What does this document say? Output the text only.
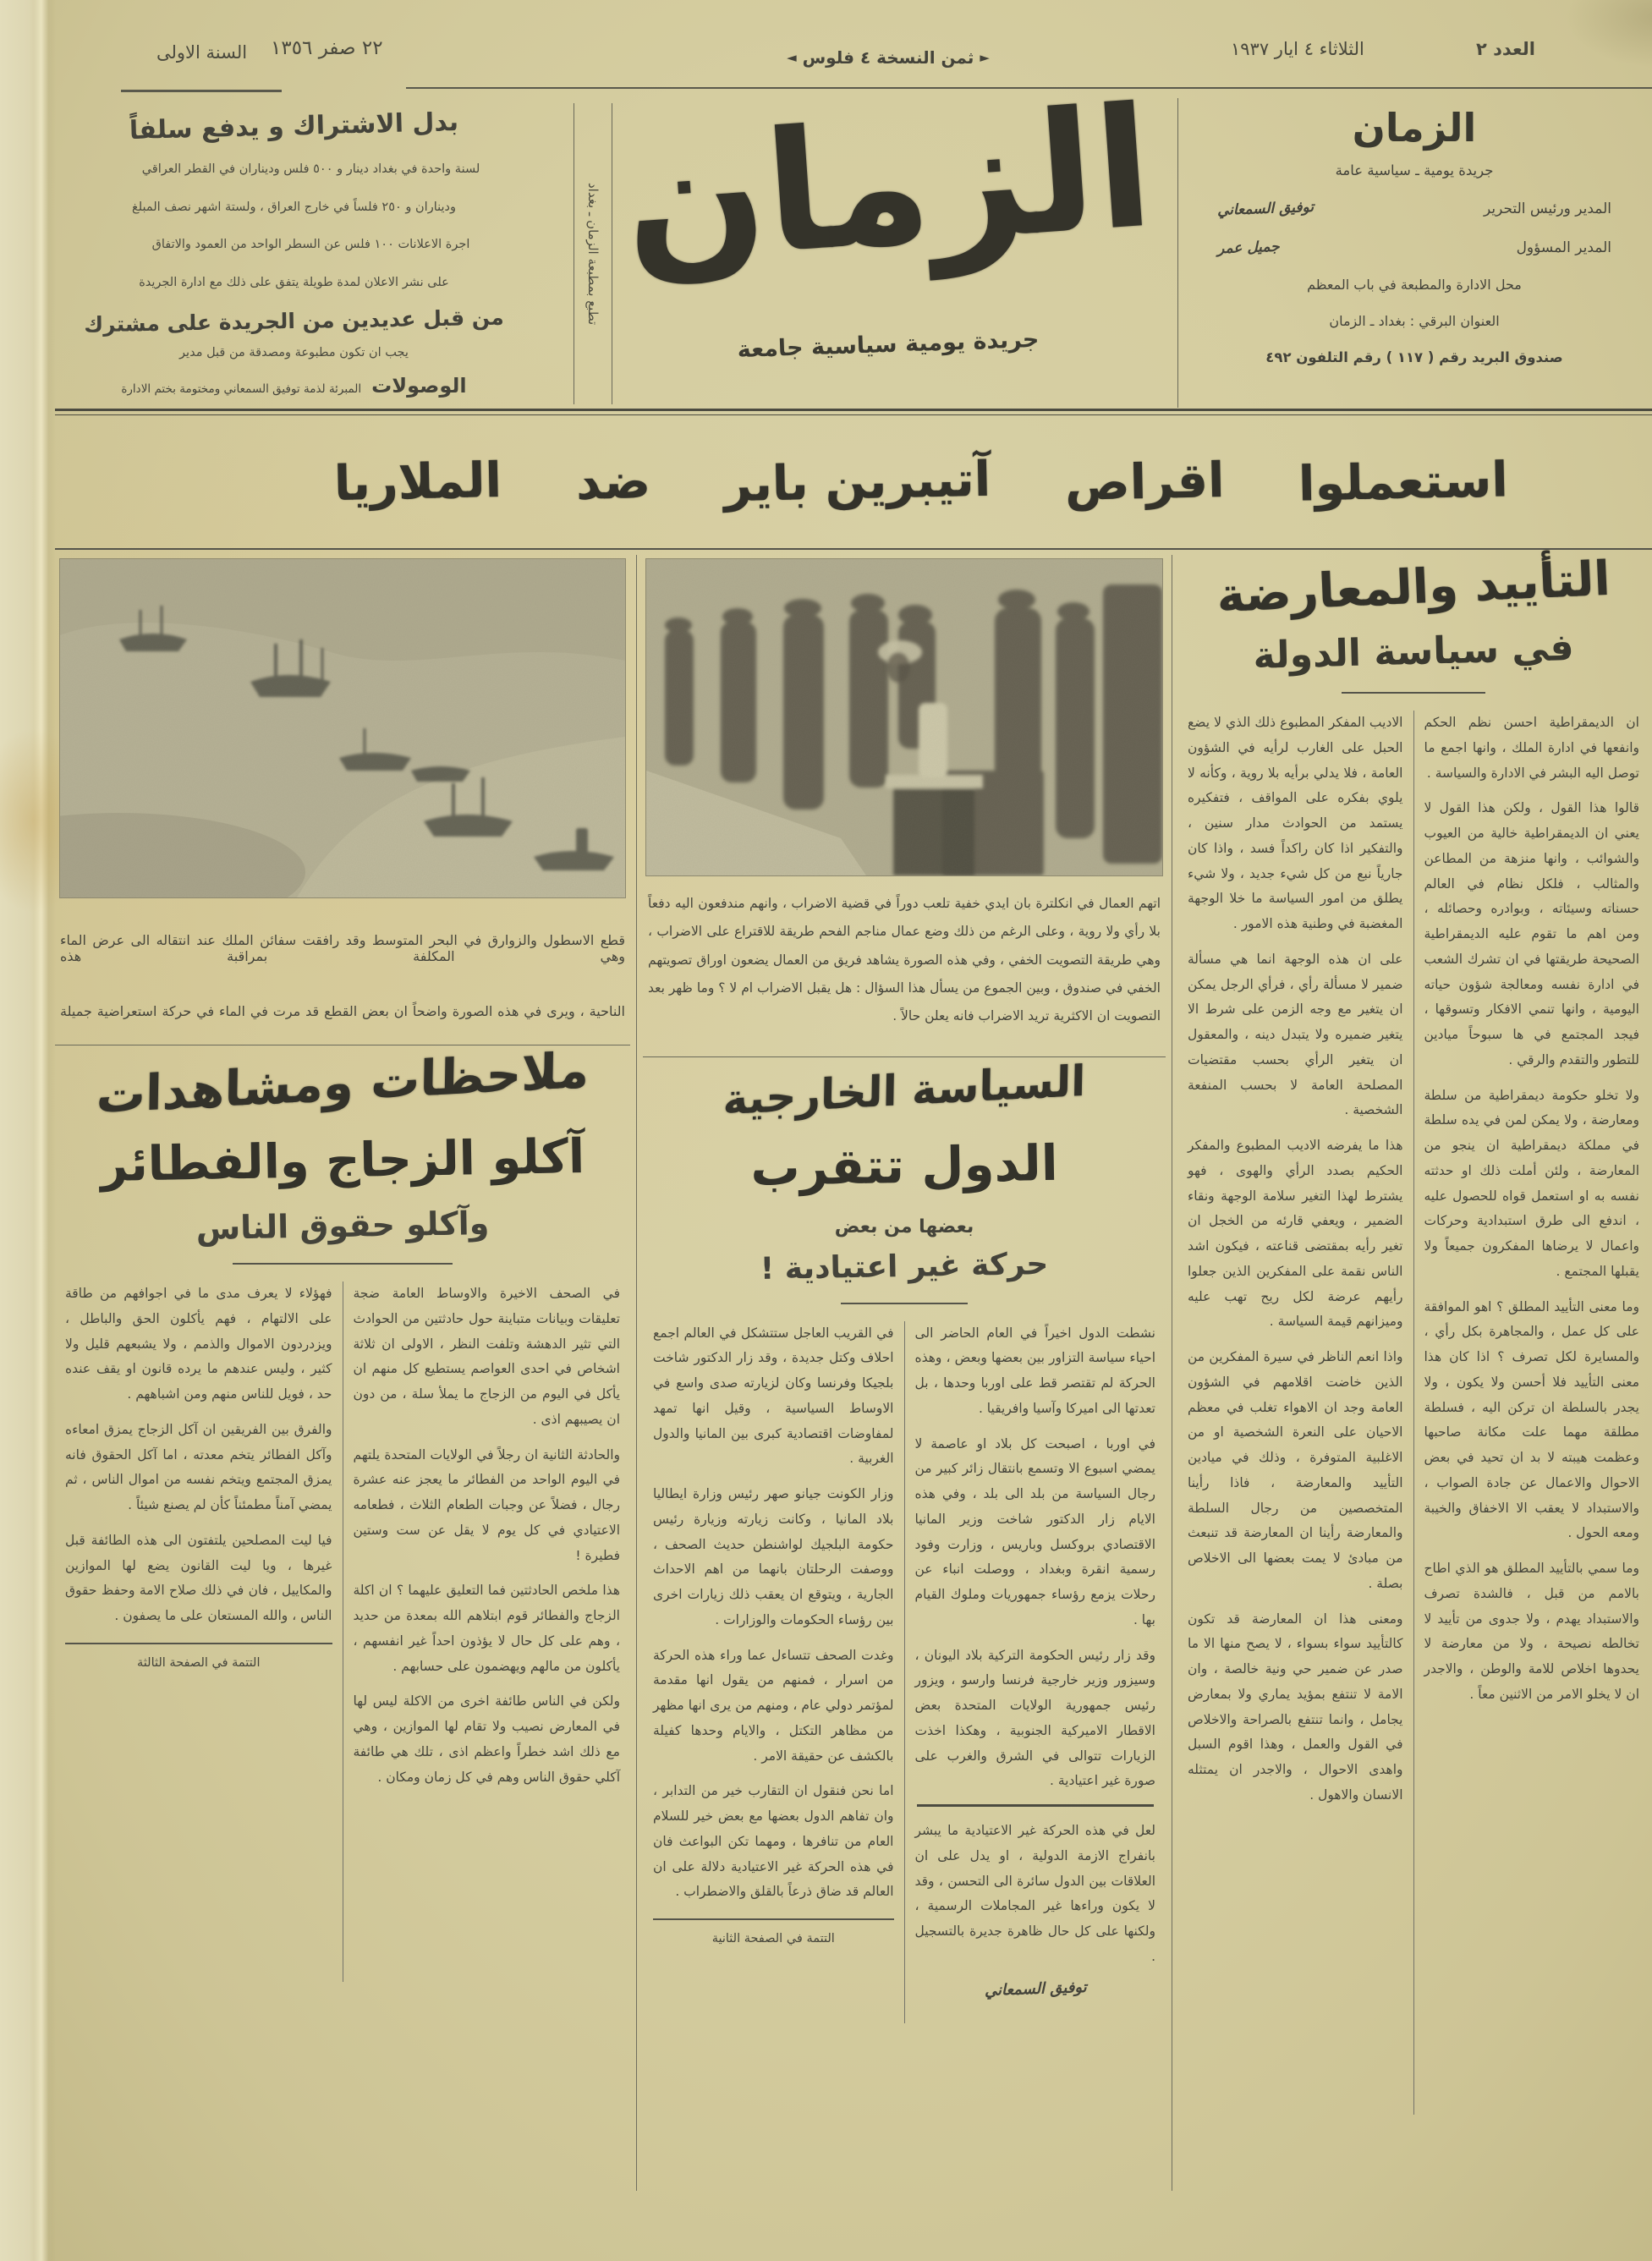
السنة الاولى ٢٢ صفر ١٣٥٦	► ثمن النسخة ٤ فلوس ◄	الثلاثاء ٤ ايار ١٩٣٧	العدد ٢
بدل الاشتراك و يدفع سلفاً

لسنة واحدة في بغداد دينار و ٥٠٠ فلس وديناران في القطر العراقي

وديناران و ٢٥٠ فلساً في خارج العراق ، ولستة اشهر نصف المبلغ

اجرة الاعلانات ١٠٠ فلس عن السطر الواحد من العمود والاتفاق

على نشر الاعلان لمدة طويلة يتفق على ذلك مع ادارة الجريدة

من قبل عديدين من الجريدة على مشترك
يجب ان تكون مطبوعة ومصدقة من قبل مدير
الوصولات
المبرئة لذمة توفيق السمعاني ومختومة بختم الادارة
تطبع بمطبعة الزمان ـ بغداد الزمان
جريدة يومية سياسية جامعة
الزمان
جريدة يومية ـ سياسية عامة
المدير ورئيس التحرير
توفيق السمعاني
المدير المسؤول
جميل عمر
محل الادارة والمطبعة في باب المعظم
العنوان البرقي : بغداد ـ الزمان
صندوق البريد رقم ( ١١٧ ) رقم التلفون ٤٩٢
استعملوا
اقراص
آتيبرين باير
ضد
الملاريا
التأييد والمعارضة
في سياسة الدولة

ان الديمقراطية احسن نظم الحكم وانفعها في ادارة الملك ، وانها اجمع ما توصل اليه البشر في الادارة والسياسة .

قالوا هذا القول ، ولكن هذا القول لا يعني ان الديمقراطية خالية من العيوب والشوائب ، وانها منزهة من المطاعن والمثالب ، فلكل نظام في العالم حسناته وسيئاته ، وبوادره وحصائله ، ومن اهم ما تقوم عليه الديمقراطية الصحيحة طريقتها في ان تشرك الشعب في ادارة نفسه ومعالجة شؤون حياته اليومية ، وانها تنمي الافكار وتسوقها ، فيجد المجتمع في ها سبوحاً ميادين للتطور والتقدم والرقي .

ولا تخلو حكومة ديمقراطية من سلطة ومعارضة ، ولا يمكن لمن في يده سلطة في مملكة ديمقراطية ان ينجو من المعارضة ، ولئن أملت ذلك او حدثته نفسه به او استعمل قواه للحصول عليه ، اندفع الى طرق استبدادية وحركات واعمال لا يرضاها المفكرون جميعاً ولا يقبلها المجتمع .

وما معنى التأييد المطلق ؟ اهو الموافقة على كل عمل ، والمجاهرة بكل رأي ، والمسايرة لكل تصرف ؟ اذا كان هذا معنى التأييد فلا أحسن ولا يكون ، ولا يجدر بالسلطة ان تركن اليه ، فسلطة مطلقة مهما علت مكانة صاحبها وعظمت هيبته لا بد ان تحيد في بعض الاحوال والاعمال عن جادة الصواب ، والاستبداد لا يعقب الا الاخفاق والخيبة ومعه الحول .

وما سمي بالتأييد المطلق هو الذي اطاح بالامم من قبل ، فالشدة تصرف والاستبداد يهدم ، ولا جدوى من تأييد لا تخالطه نصيحة ، ولا من معارضة لا يحدوها اخلاص للامة والوطن ، والاجدر ان لا يخلو الامر من الاثنين معاً .

الاديب المفكر المطبوع ذلك الذي لا يضع الحبل على الغارب لرأيه في الشؤون العامة ، فلا يدلي برأيه بلا روية ، وكأنه لا يلوي بفكره على المواقف ، فتفكيره يستمد من الحوادث مدار سنين ، والتفكير اذا كان راكداً فسد ، واذا كان جارياً نبع من كل شيء جديد ، ولا شيء يطلق من امور السياسة ما خلا الوجهة المغضبة في وطنية هذه الامور .

على ان هذه الوجهة انما هي مسألة ضمير لا مسألة رأي ، فرأي الرجل يمكن ان يتغير مع وجه الزمن على شرط الا يتغير ضميره ولا يتبدل دينه ، والمعقول ان يتغير الرأي بحسب مقتضيات المصلحة العامة لا بحسب المنفعة الشخصية .

هذا ما يفرضه الاديب المطبوع والمفكر الحكيم بصدد الرأي والهوى ، فهو يشترط لهذا التغير سلامة الوجهة ونقاء الضمير ، ويعفي قارئه من الخجل ان تغير رأيه بمقتضى قناعته ، فيكون اشد الناس نقمة على المفكرين الذين جعلوا رأيهم عرضة لكل ريح تهب عليه وميزانهم قيمة السياسة .

واذا انعم الناظر في سيرة المفكرين من الذين خاضت اقلامهم في الشؤون العامة وجد ان الاهواء تغلب في معظم الاحيان على النعرة الشخصية او من الاغلبية المتوفرة ، وذلك في ميادين التأييد والمعارضة ، فاذا رأينا المتخصصين من رجال السلطة والمعارضة رأينا ان المعارضة قد تنبعث من مبادئ لا يمت بعضها الى الاخلاص بصلة .

ومعنى هذا ان المعارضة قد تكون كالتأييد سواء بسواء ، لا يصح منها الا ما صدر عن ضمير حي ونية خالصة ، وان الامة لا تنتفع بمؤيد يماري ولا بمعارض يجامل ، وانما تنتفع بالصراحة والاخلاص في القول والعمل ، وهذا اقوم السبل واهدى الاحوال ، والاجدر ان يمتثله الانسان والاهول .

اتهم العمال في انكلترة بان ايدي خفية تلعب دوراً في قضية الاضراب ، وانهم مندفعون اليه دفعاً بلا رأي ولا روية ، وعلى الرغم من ذلك وضع عمال مناجم الفحم طريقة للاقتراع على الاضراب ، وهي طريقة التصويت الخفي ، وفي هذه الصورة يشاهد فريق من العمال يضعون اوراق تصويتهم الخفي في صندوق ، وبين الجموع من يسأل هذا السؤال : هل يقبل الاضراب ام لا ؟ وما ظهر بعد التصويت ان الاكثرية تريد الاضراب فانه يعلن حالاً .
السياسة الخارجية
الدول تتقرب
بعضها من بعض
حركة غير اعتيادية !

نشطت الدول اخيراً في العام الحاضر الى احياء سياسة التزاور بين بعضها وبعض ، وهذه الحركة لم تقتصر قط على اوربا وحدها ، بل تعدتها الى اميركا وآسيا وافريقيا .

في اوربا ، اصبحت كل بلاد او عاصمة لا يمضي اسبوع الا وتسمع بانتقال زائر كبير من رجال السياسة من بلد الى بلد ، وفي هذه الايام زار الدكتور شاخت وزير المانيا الاقتصادي بروكسل وباريس ، وزارت وفود رسمية انقرة وبغداد ، ووصلت انباء عن رحلات يزمع رؤساء جمهوريات وملوك القيام بها .

وقد زار رئيس الحكومة التركية بلاد اليونان ، وسيزور وزير خارجية فرنسا وارسو ، ويزور رئيس جمهورية الولايات المتحدة بعض الاقطار الاميركية الجنوبية ، وهكذا اخذت الزيارات تتوالى في الشرق والغرب على صورة غير اعتيادية .

لعل في هذه الحركة غير الاعتيادية ما يبشر بانفراج الازمة الدولية ، او يدل على ان العلاقات بين الدول سائرة الى التحسن ، وقد لا يكون وراءها غير المجاملات الرسمية ، ولكنها على كل حال ظاهرة جديرة بالتسجيل .

توفيق السمعاني

في القريب العاجل ستتشكل في العالم اجمع احلاف وكتل جديدة ، وقد زار الدكتور شاخت بلجيكا وفرنسا وكان لزيارته صدى واسع في الاوساط السياسية ، وقيل انها تمهد لمفاوضات اقتصادية كبرى بين المانيا والدول الغربية .

وزار الكونت جيانو صهر رئيس وزارة ايطاليا بلاد المانيا ، وكانت زيارته وزيارة رئيس حكومة البلجيك لواشنطن حديث الصحف ، ووصفت الرحلتان بانهما من اهم الاحداث الجارية ، ويتوقع ان يعقب ذلك زيارات اخرى بين رؤساء الحكومات والوزارات .

وغدت الصحف تتساءل عما وراء هذه الحركة من اسرار ، فمنهم من يقول انها مقدمة لمؤتمر دولي عام ، ومنهم من يرى انها مظهر من مظاهر التكتل ، والايام وحدها كفيلة بالكشف عن حقيقة الامر .

اما نحن فنقول ان التقارب خير من التدابر ، وان تفاهم الدول بعضها مع بعض خير للسلام العام من تنافرها ، ومهما تكن البواعث فان في هذه الحركة غير الاعتيادية دلالة على ان العالم قد ضاق ذرعاً بالقلق والاضطراب .

التتمة في الصفحة الثانية
قطع الاسطول والزوارق في البحر المتوسط وقد رافقت سفائن الملك عند انتقاله الى عرض الماء وهي المكلفة بمراقبة هذه
الناحية ، ويرى في هذه الصورة واضحاً ان بعض القطع قد مرت في الماء في حركة استعراضية جميلة
ملاحظات ومشاهدات
آكلو الزجاج والفطائر
وآكلو حقوق الناس

في الصحف الاخيرة والاوساط العامة ضجة تعليقات وبيانات متباينة حول حادثتين من الحوادث التي تثير الدهشة وتلفت النظر ، الاولى ان ثلاثة اشخاص في احدى العواصم يستطيع كل منهم ان يأكل في اليوم من الزجاج ما يملأ سلة ، من دون ان يصيبهم اذى .

والحادثة الثانية ان رجلاً في الولايات المتحدة يلتهم في اليوم الواحد من الفطائر ما يعجز عنه عشرة رجال ، فضلاً عن وجبات الطعام الثلاث ، فطعامه الاعتيادي في كل يوم لا يقل عن ست وستين فطيرة !

هذا ملخص الحادثتين فما التعليق عليهما ؟ ان اكلة الزجاج والفطائر قوم ابتلاهم الله بمعدة من حديد ، وهم على كل حال لا يؤذون احداً غير انفسهم ، يأكلون من مالهم ويهضمون على حسابهم .

ولكن في الناس طائفة اخرى من الاكلة ليس لها في المعارض نصيب ولا تقام لها الموازين ، وهي مع ذلك اشد خطراً واعظم اذى ، تلك هي طائفة آكلي حقوق الناس وهم في كل زمان ومكان .

فهؤلاء لا يعرف مدى ما في اجوافهم من طاقة على الالتهام ، فهم يأكلون الحق والباطل ، ويزدردون الاموال والذمم ، ولا يشبعهم قليل ولا كثير ، وليس عندهم ما يرده قانون او يقف عنده حد ، فويل للناس منهم ومن اشباههم .

والفرق بين الفريقين ان آكل الزجاج يمزق امعاءه وآكل الفطائر يتخم معدته ، اما آكل الحقوق فانه يمزق المجتمع ويتخم نفسه من اموال الناس ، ثم يمضي آمناً مطمئناً كأن لم يصنع شيئاً .

فيا ليت المصلحين يلتفتون الى هذه الطائفة قبل غيرها ، ويا ليت القانون يضع لها الموازين والمكاييل ، فان في ذلك صلاح الامة وحفظ حقوق الناس ، والله المستعان على ما يصفون .

التتمة في الصفحة الثالثة
